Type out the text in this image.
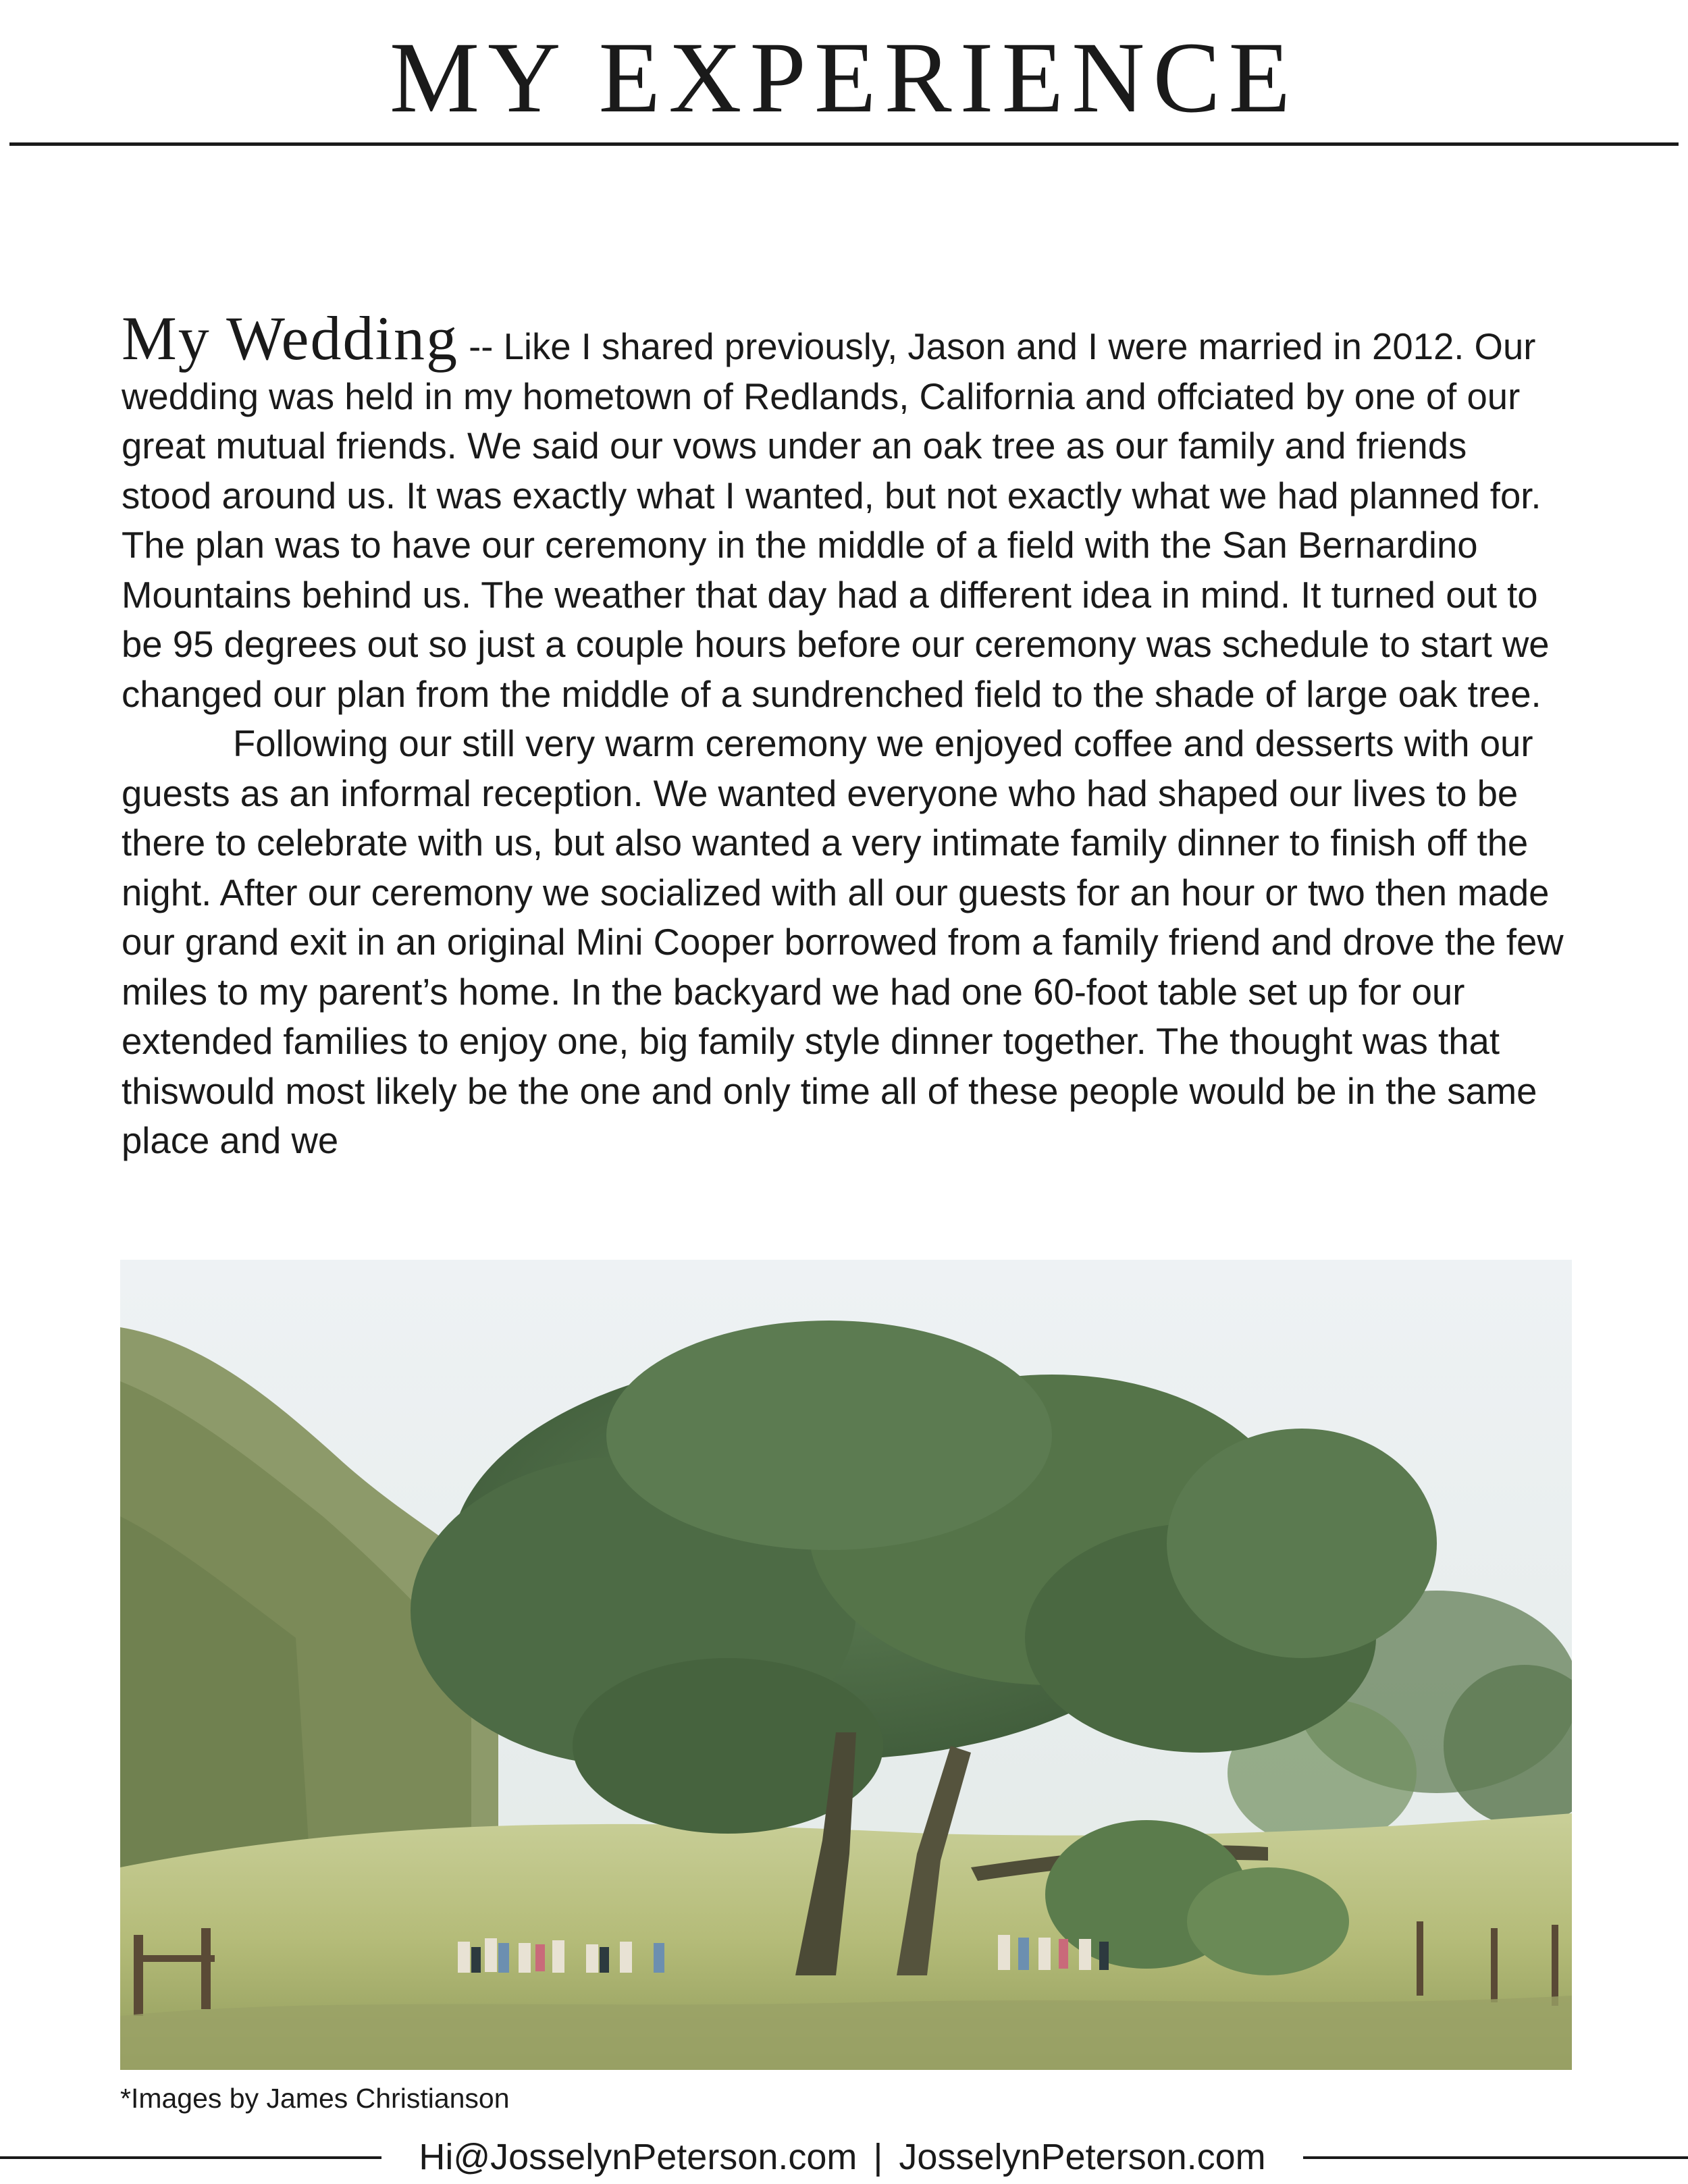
MY EXPERIENCE

My Wedding -- Like I shared previously, Jason and I were married in 2012. Our wedding was held in my hometown of Redlands, California and offciated by one of our great mutual friends. We said our vows under an oak tree as our family and friends stood around us. It was exactly what I wanted, but not exactly what we had planned for. The plan was to have our ceremony in the middle of a field with the San Bernardino Mountains behind us. The weather that day had a different idea in mind. It turned out to be 95 degrees out so just a couple hours before our ceremony was schedule to start we changed our plan from the middle of a sundrenched field to the shade of large oak tree.

Following our still very warm ceremony we enjoyed coffee and desserts with our guests as an informal reception. We wanted everyone who had shaped our lives to be there to celebrate with us, but also wanted a very intimate family dinner to finish off the night. After our ceremony we socialized with all our guests for an hour or two then made our grand exit in an original Mini Cooper borrowed from a family friend and drove the few miles to my parent’s home. In the backyard we had one 60-foot table set up for our extended families to enjoy one, big family style dinner together. The thought was that thiswould most likely be the one and only time all of these people would be in the same place and we

*Images by James Christianson
Hi@JosselynPeterson.com | JosselynPeterson.com
